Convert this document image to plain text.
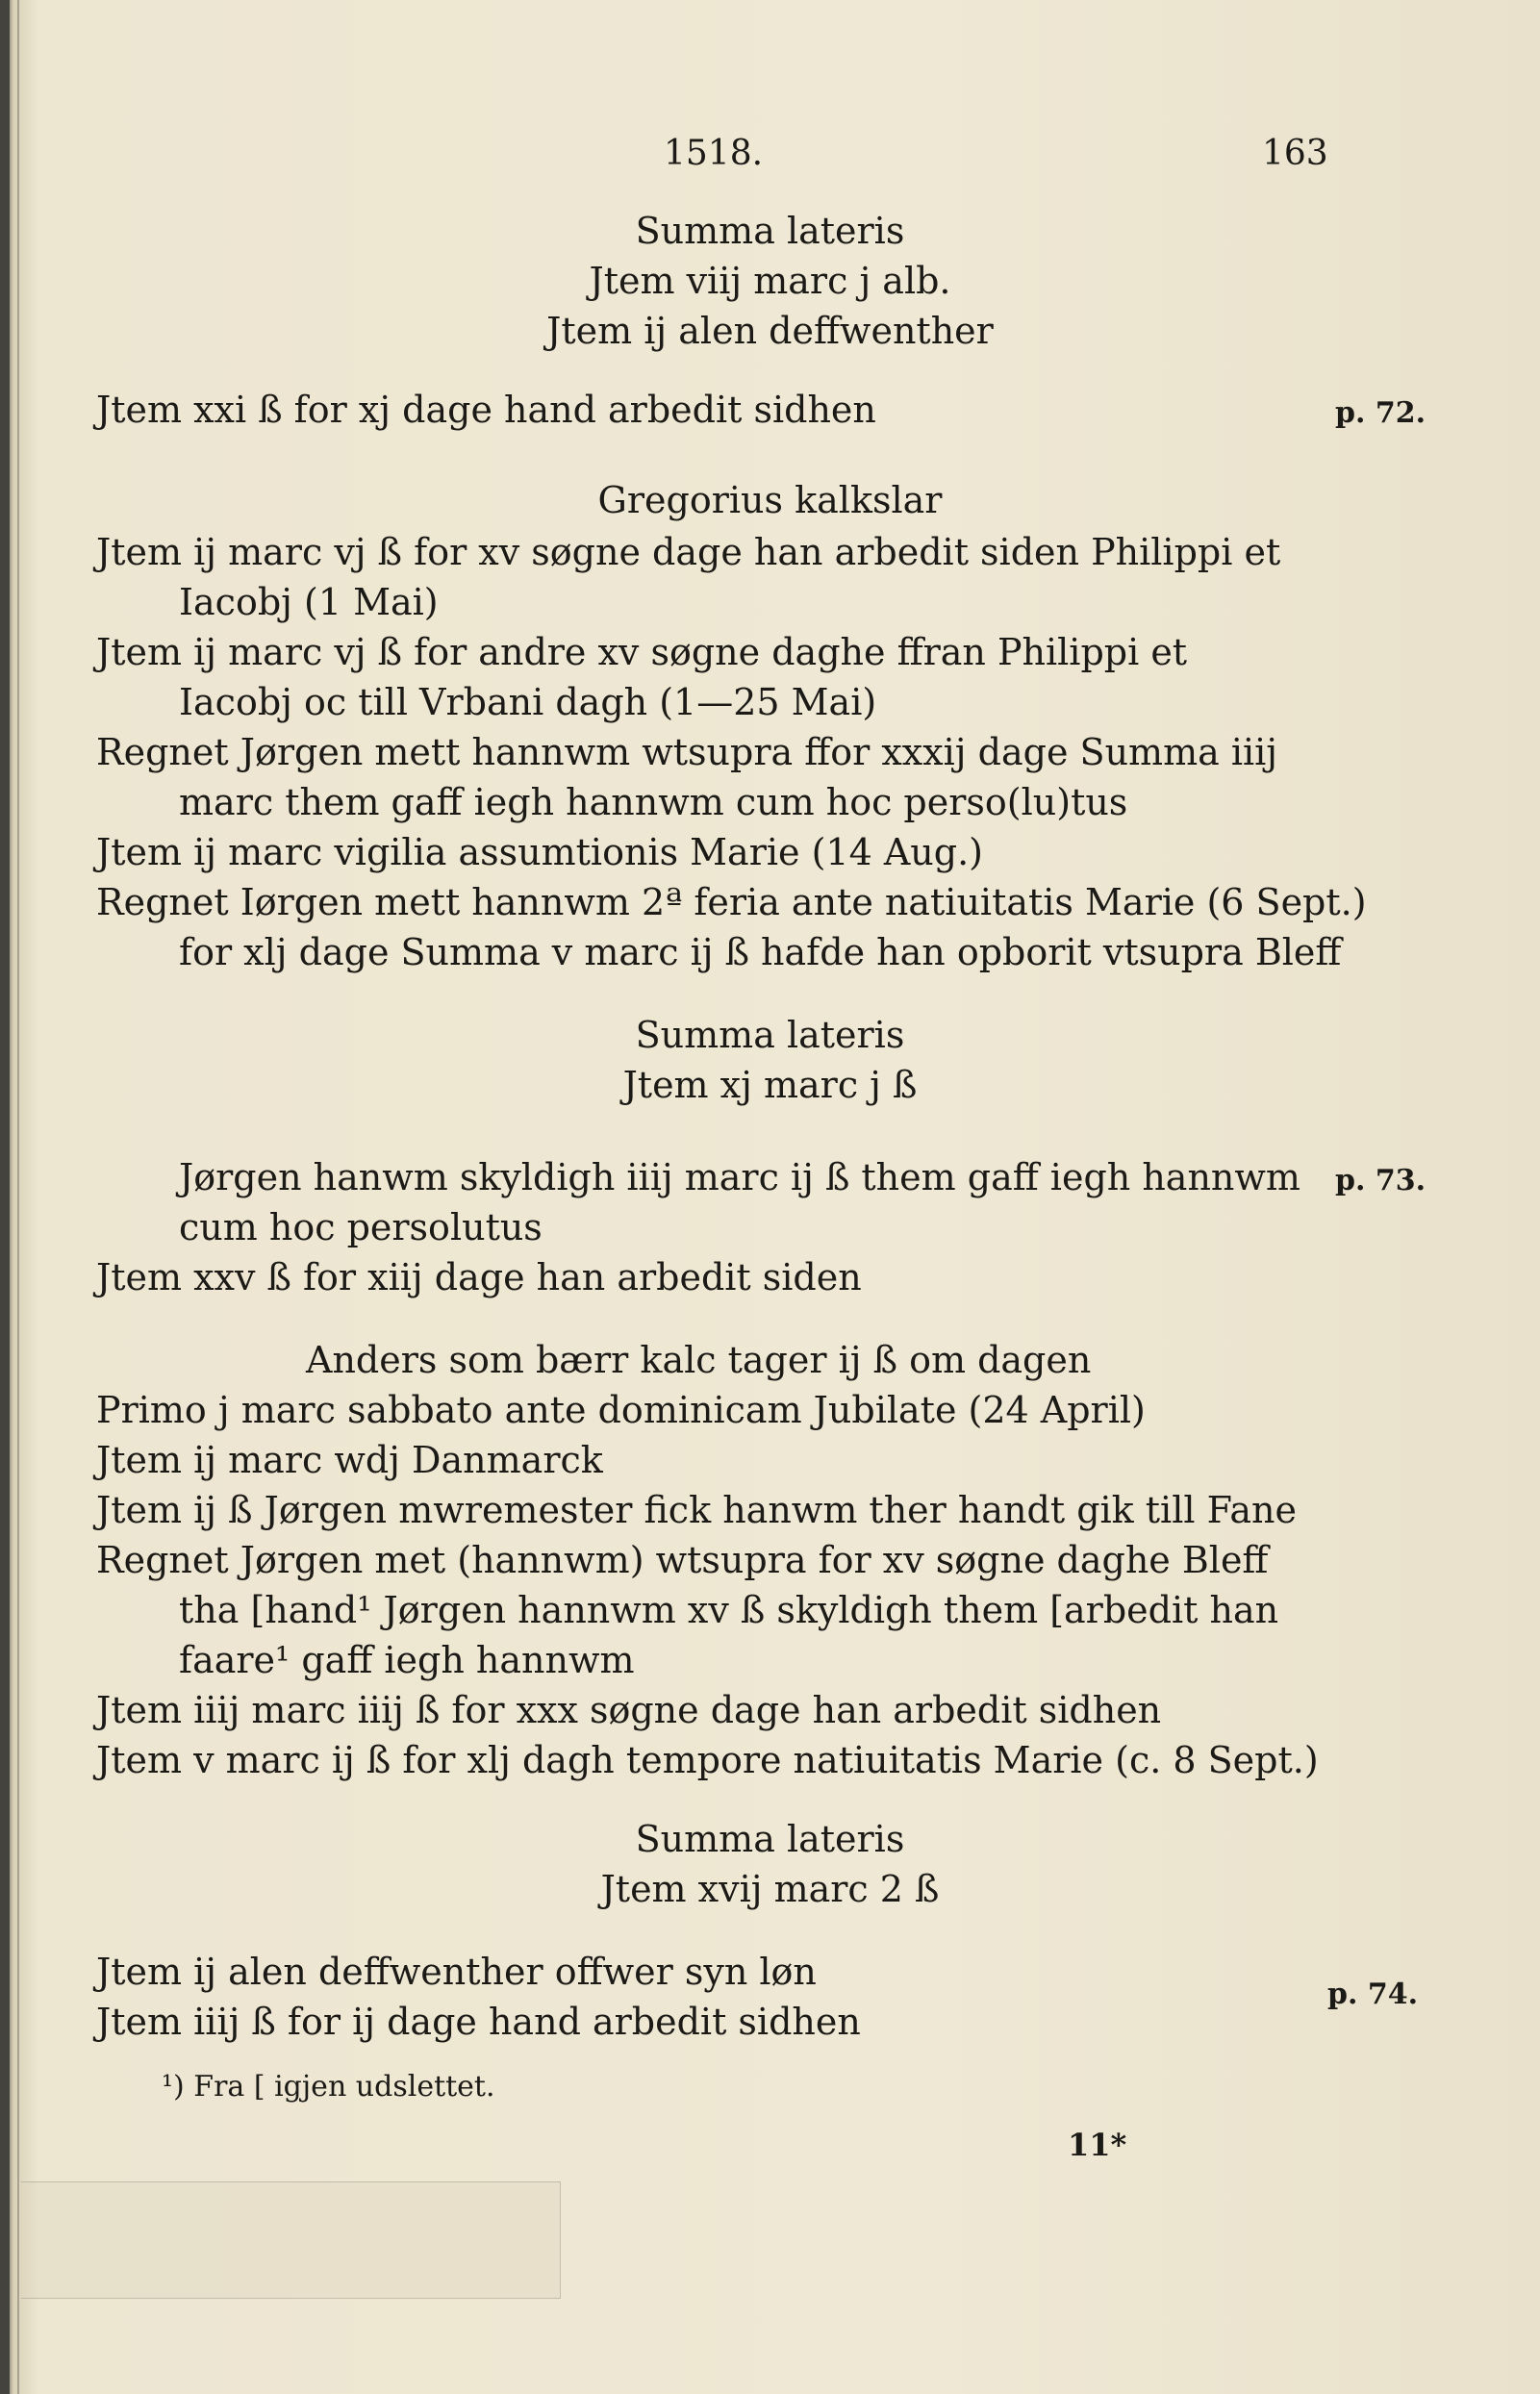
1518.	163
Summa lateris
Jtem viij marc j alb.
Jtem ij alen deffwenther
Jtem xxi ß for xj dage hand arbedit sidhen	p. 72.
Gregorius kalkslar
Jtem ij marc vj ß for xv søgne dage han arbedit siden Philippi et
Iacobj (1 Mai)
Jtem ij marc vj ß for andre xv søgne daghe ffran Philippi et
Iacobj oc till Vrbani dagh (1—25 Mai)
Regnet Jørgen mett hannwm wtsupra ffor xxxij dage Summa iiij
marc them gaff iegh hannwm cum hoc perso(lu)tus
Jtem ij marc vigilia assumtionis Marie (14 Aug.)
Regnet Iørgen mett hannwm 2ª feria ante natiuitatis Marie (6 Sept.)
for xlj dage Summa v marc ij ß hafde han opborit vtsupra Bleff
Summa lateris
Jtem xj marc j ß
Jørgen hanwm skyldigh iiij marc ij ß them gaff iegh hannwm p. 73.
cum hoc persolutus
Jtem xxv ß for xiij dage han arbedit siden
Anders som bærr kalc tager ij ß om dagen
Primo j marc sabbato ante dominicam Jubilate (24 April)
Jtem ij marc wdj Danmarck
Jtem ij ß Jørgen mwremester fick hanwm ther handt gik till Fane
Regnet Jørgen met (hannwm) wtsupra for xv søgne daghe Bleff
tha [hand¹ Jørgen hannwm xv ß skyldigh them [arbedit han
faare¹ gaff iegh hannwm
Jtem iiij marc iiij ß for xxx søgne dage han arbedit sidhen
Jtem v marc ij ß for xlj dagh tempore natiuitatis Marie (c. 8 Sept.)
Summa lateris
Jtem xvij marc 2 ß
Jtem ij alen deffwenther offwer syn løn
Jtem iiij ß for ij dage hand arbedit sidhen
p. 74.
¹) Fra [ igjen udslettet.
11*
